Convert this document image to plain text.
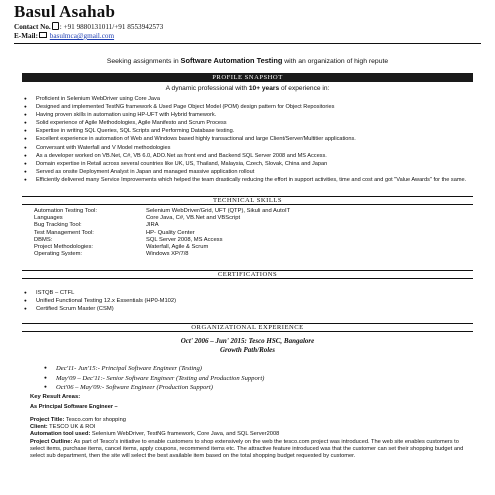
Basul Asahab
Contact No. : +91 9880131011/+91 8553942573
E-Mail: basulmca@gmail.com
Seeking assignments in Software Automation Testing with an organization of high repute
PROFILE SNAPSHOT
A dynamic professional with 10+ years of experience in:
● Proficient in Selenium WebDriver using Core Java
● Designed and implemented TestNG framework & Used Page Object Model (POM) design pattern for Object Repositories
● Having proven skills in automation using HP-UFT with Hybrid framework.
● Solid experience of Agile Methodologies, Agile Manifesto and Scrum Process
● Expertise in writing SQL Queries, SQL Scripts and Performing Database testing.
● Excellent experience in automation of Web and Windows based highly transactional and large Client/Server/Multitier applications.
● Conversant with Waterfall and V Model methodologies
● As a developer worked on VB.Net, C#, VB 6.0, ADO.Net as front end and Backend SQL Server 2008 and MS Access.
● Domain expertise in Retail across several countries like UK, US, Thailand, Malaysia, Czech, Slovak, China and Japan
● Served as onsite Deployment Analyst in Japan and managed massive application rollout
● Efficiently delivered many Service Improvements which helped the team drastically reducing the effort in support activities, time and cost and got "Value Awards" for the same.
TECHNICAL SKILLS
Automation Testing Tool:	Selenium WebDriver/Grid, UFT (QTP), Sikuli and AutoIT
Languages	Core Java, C#, VB.Net and VBScript
Bug Tracking Tool:	JIRA
Test Management Tool:	HP- Quality Center
DBMS:	SQL Server 2008, MS Access
Project Methodologies:	Waterfall, Agile & Scrum
Operating System:	Windows XP/7/8
CERTIFICATIONS
● ISTQB – CTFL
● Unified Functional Testing 12.x Essentials (HP0-M102)
● Certified Scrum Master (CSM)
ORGANIZATIONAL EXPERIENCE
Oct' 2006 – Jun' 2015: Tesco HSC, Bangalore
Growth Path/Roles
● Dec'11- Jun'15:- Principal Software Engineer (Testing)
● May'09 – Dec'11:- Senior Software Engineer (Testing and Production Support)
● Oct'06 – May'09:- Software Engineer (Production Support)
Key Result Areas:
As Principal Software Engineer –
Project Title: Tesco.com for shopping
Client: TESCO UK & ROI
Automation tool used: Selenium WebDriver, TestNG framework, Core Java, and SQL Server2008
Project Outline: As part of Tesco's initiative to enable customers to shop extensively on the web the tesco.com project was introduced. The web site enables customers to select items, purchase items, cancel items, apply coupons, recommend items etc. The attractive feature introduced was that the customer can set their shopping budget and select sub department, then the site will select the best available item based on the total shopping budget requested by customer.
